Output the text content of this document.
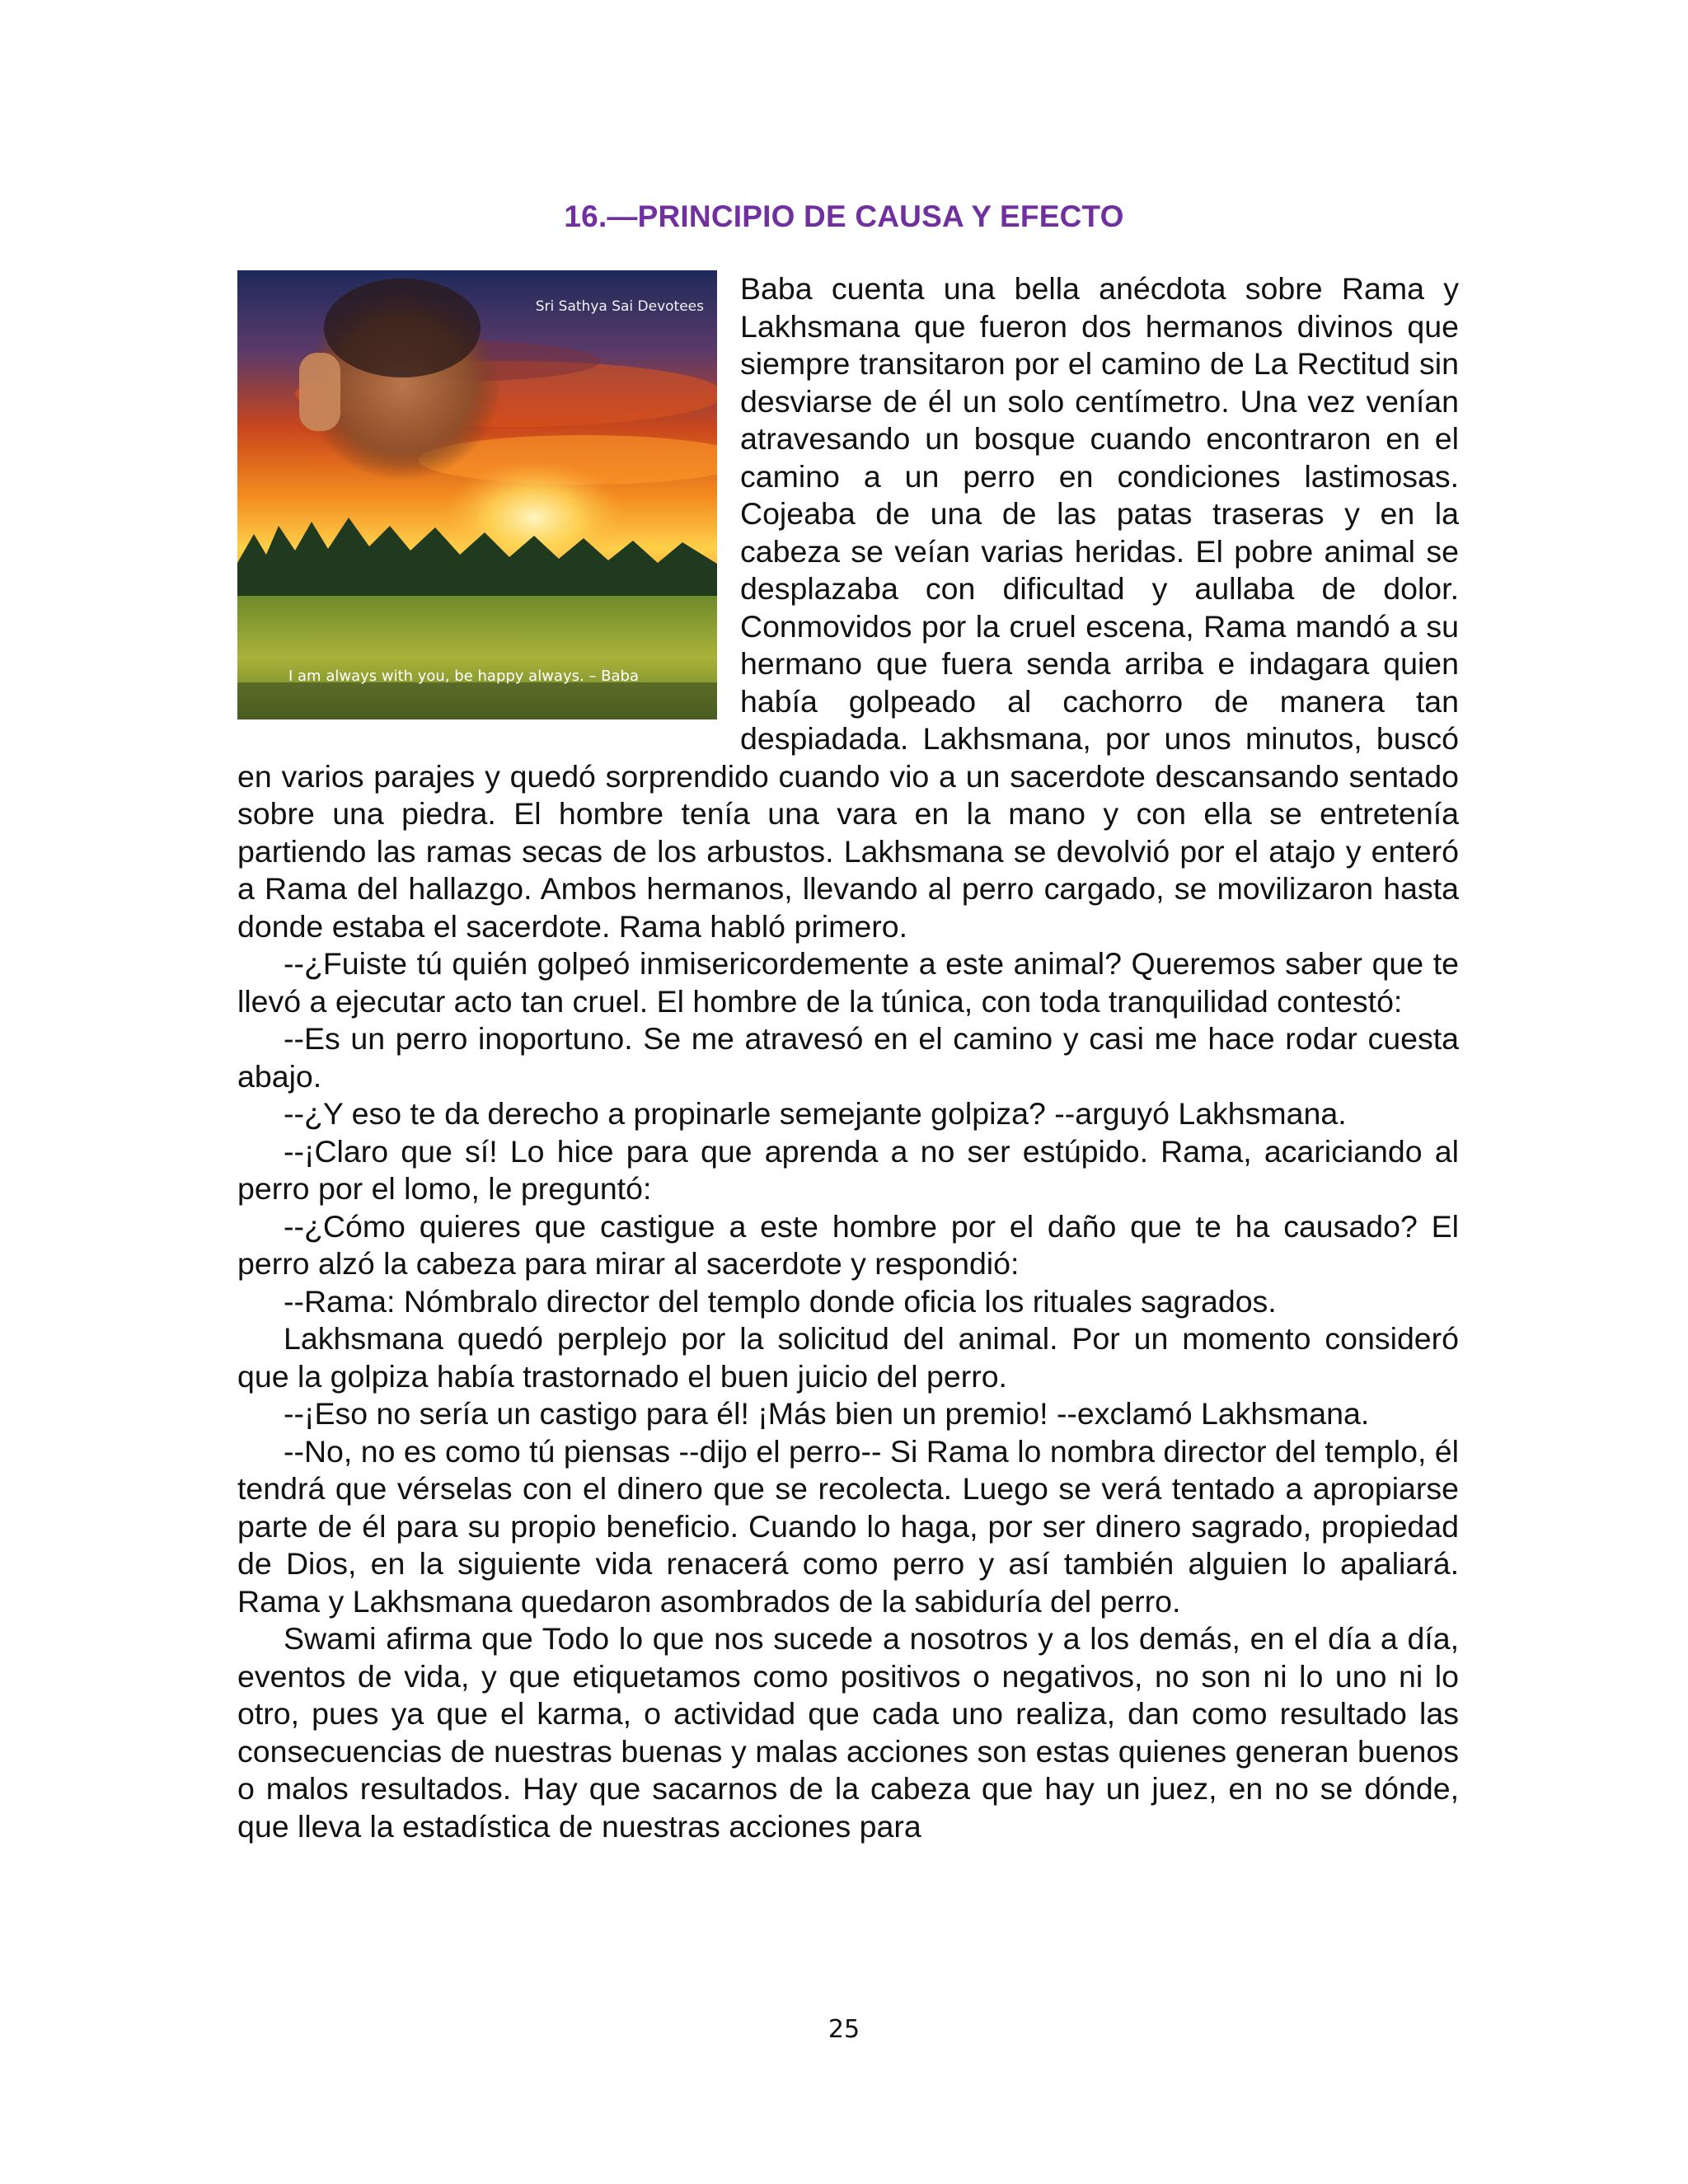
16.—PRINCIPIO DE CAUSA Y EFECTO
Sri Sathya Sai Devotees
I am always with you, be happy always. – Baba

Baba cuenta una bella anécdota sobre Rama y Lakhsmana que fueron dos hermanos divinos que siempre transitaron por el camino de La Rectitud sin desviarse de él un solo centímetro. Una vez venían atravesando un bosque cuando encontraron en el camino a un perro en condiciones lastimosas. Cojeaba de una de las patas traseras y en la cabeza se veían varias heridas. El pobre animal se desplazaba con dificultad y aullaba de dolor. Conmovidos por la cruel escena, Rama mandó a su hermano que fuera senda arriba e indagara quien había golpeado al cachorro de manera tan despiadada. Lakhsmana, por unos minutos, buscó en varios parajes y quedó sorprendido cuando vio a un sacerdote descansando sentado sobre una piedra. El hombre tenía una vara en la mano y con ella se entretenía partiendo las ramas secas de los arbustos. Lakhsmana se devolvió por el atajo y enteró a Rama del hallazgo. Ambos hermanos, llevando al perro cargado, se movilizaron hasta donde estaba el sacerdote. Rama habló primero.

--¿Fuiste tú quién golpeó inmisericordemente a este animal? Queremos saber que te llevó a ejecutar acto tan cruel. El hombre de la túnica, con toda tranquilidad contestó:

--Es un perro inoportuno. Se me atravesó en el camino y casi me hace rodar cuesta abajo.

--¿Y eso te da derecho a propinarle semejante golpiza? --arguyó Lakhsmana.

--¡Claro que sí! Lo hice para que aprenda a no ser estúpido. Rama, acariciando al perro por el lomo, le preguntó:

--¿Cómo quieres que castigue a este hombre por el daño que te ha causado? El perro alzó la cabeza para mirar al sacerdote y respondió:

--Rama: Nómbralo director del templo donde oficia los rituales sagrados.

Lakhsmana quedó perplejo por la solicitud del animal. Por un momento consideró que la golpiza había trastornado el buen juicio del perro.

--¡Eso no sería un castigo para él! ¡Más bien un premio! --exclamó Lakhsmana.

--No, no es como tú piensas --dijo el perro-- Si Rama lo nombra director del templo, él tendrá que vérselas con el dinero que se recolecta. Luego se verá tentado a apropiarse parte de él para su propio beneficio. Cuando lo haga, por ser dinero sagrado, propiedad de Dios, en la siguiente vida renacerá como perro y así también alguien lo apaliará. Rama y Lakhsmana quedaron asombrados de la sabiduría del perro.

Swami afirma que Todo lo que nos sucede a nosotros y a los demás, en el día a día, eventos de vida, y que etiquetamos como positivos o negativos, no son ni lo uno ni lo otro, pues ya que el karma, o actividad que cada uno realiza, dan como resultado las consecuencias de nuestras buenas y malas acciones son estas quienes generan buenos o malos resultados. Hay que sacarnos de la cabeza que hay un juez, en no se dónde, que lleva la estadística de nuestras acciones para

25
